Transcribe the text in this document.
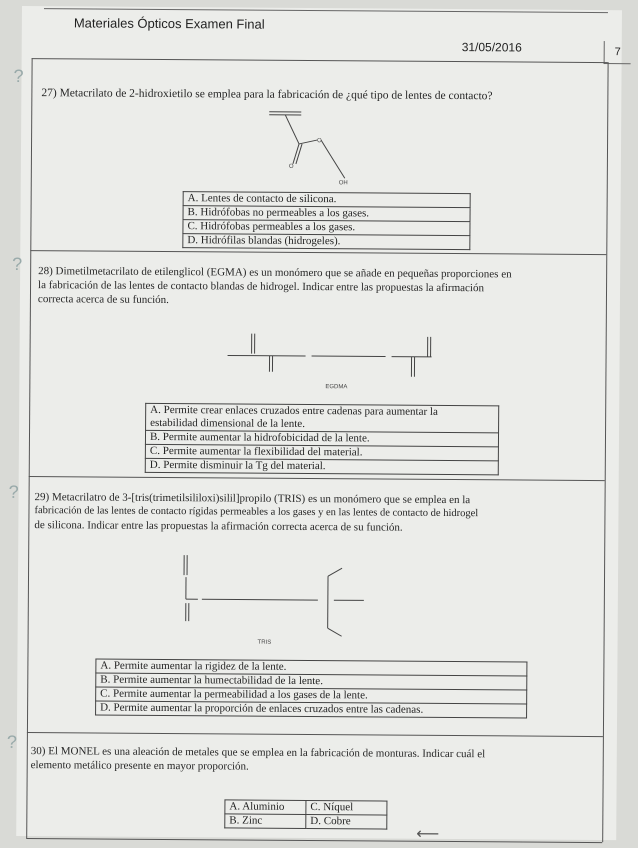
Materiales Ópticos Examen Final
31/05/2016	7
?
27) Metacrilato de 2-hidroxietilo se emplea para la fabricación de ¿qué tipo de lentes de contacto?
O
O
OH
A. Lentes de contacto de silicona.
B. Hidrófobas no permeables a los gases.
C. Hidrófobas permeables a los gases.
D. Hidrófilas blandas (hidrogeles).
? 28) Dimetilmetacrilato de etilenglicol (EGMA) es un monómero que se añade en pequeñas proporciones en
la fabricación de las lentes de contacto blandas de hidrogel. Indicar entre las propuestas la afirmación
correcta acerca de su función.
EGDMA
A. Permite crear enlaces cruzados entre cadenas para aumentar la
estabilidad dimensional de la lente.

B. Permite aumentar la hidrofobicidad de la lente.
C. Permite aumentar la flexibilidad del material.
D. Permite disminuir la Tg del material.
? 29) Metacrilatro de 3-[tris(trimetilsililoxi)silil]propilo (TRIS) es un monómero que se emplea en la
fabricación de las lentes de contacto rígidas permeables a los gases y en las lentes de contacto de hidrogel
de silicona. Indicar entre las propuestas la afirmación correcta acerca de su función.
TRIS
A. Permite aumentar la rigidez de la lente.
B. Permite aumentar la humectabilidad de la lente.
C. Permite aumentar la permeabilidad a los gases de la lente.
D. Permite aumentar la proporción de enlaces cruzados entre las cadenas.
?
30) El MONEL es una aleación de metales que se emplea en la fabricación de monturas. Indicar cuál el
elemento metálico presente en mayor proporción.
A. Aluminio	C. Níquel
B. Zinc	D. Cobre
⟵
